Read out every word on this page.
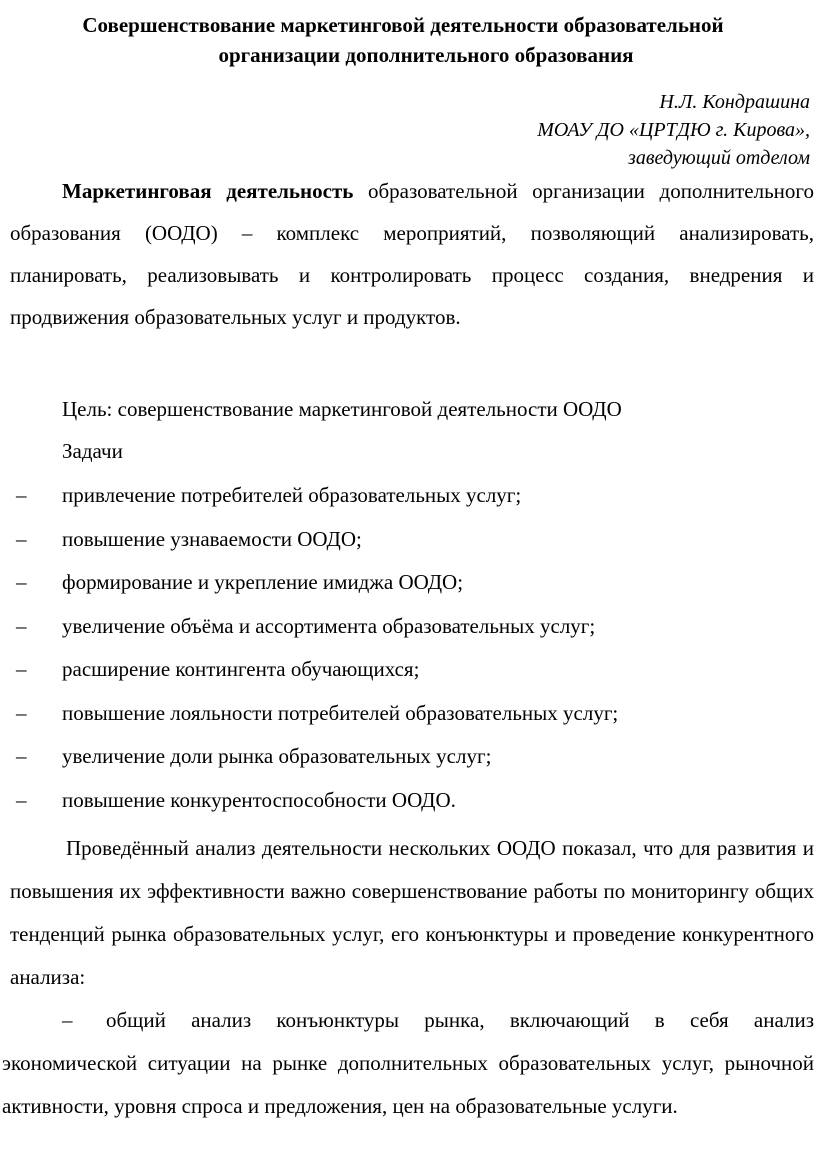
Совершенствование маркетинговой деятельности образовательной
организации дополнительного образования
Н.Л. Кондрашина
МОАУ ДО «ЦРТДЮ г. Кирова»,
заведующий отделом

Маркетинговая деятельность образовательной организации дополнительного образования (ООДО) – комплекс мероприятий, позволяющий анализировать, планировать, реализовывать и контролировать процесс создания, внедрения и продвижения образовательных услуг и продуктов.

Цель: совершенствование маркетинговой деятельности ООДО
Задачи
– привлечение потребителей образовательных услуг;
– повышение узнаваемости ООДО;
– формирование и укрепление имиджа ООДО;
– увеличение объёма и ассортимента образовательных услуг;
– расширение контингента обучающихся;
– повышение лояльности потребителей образовательных услуг;
– увеличение доли рынка образовательных услуг;
– повышение конкурентоспособности ООДО.

Проведённый анализ деятельности нескольких ООДО показал, что для развития и повышения их эффективности важно совершенствование работы по мониторингу общих тенденций рынка образовательных услуг, его конъюнктуры и проведение конкурентного анализа:

– общий анализ конъюнктуры рынка, включающий в себя анализ экономической ситуации на рынке дополнительных образовательных услуг, рыночной активности, уровня спроса и предложения, цен на образовательные услуги.
